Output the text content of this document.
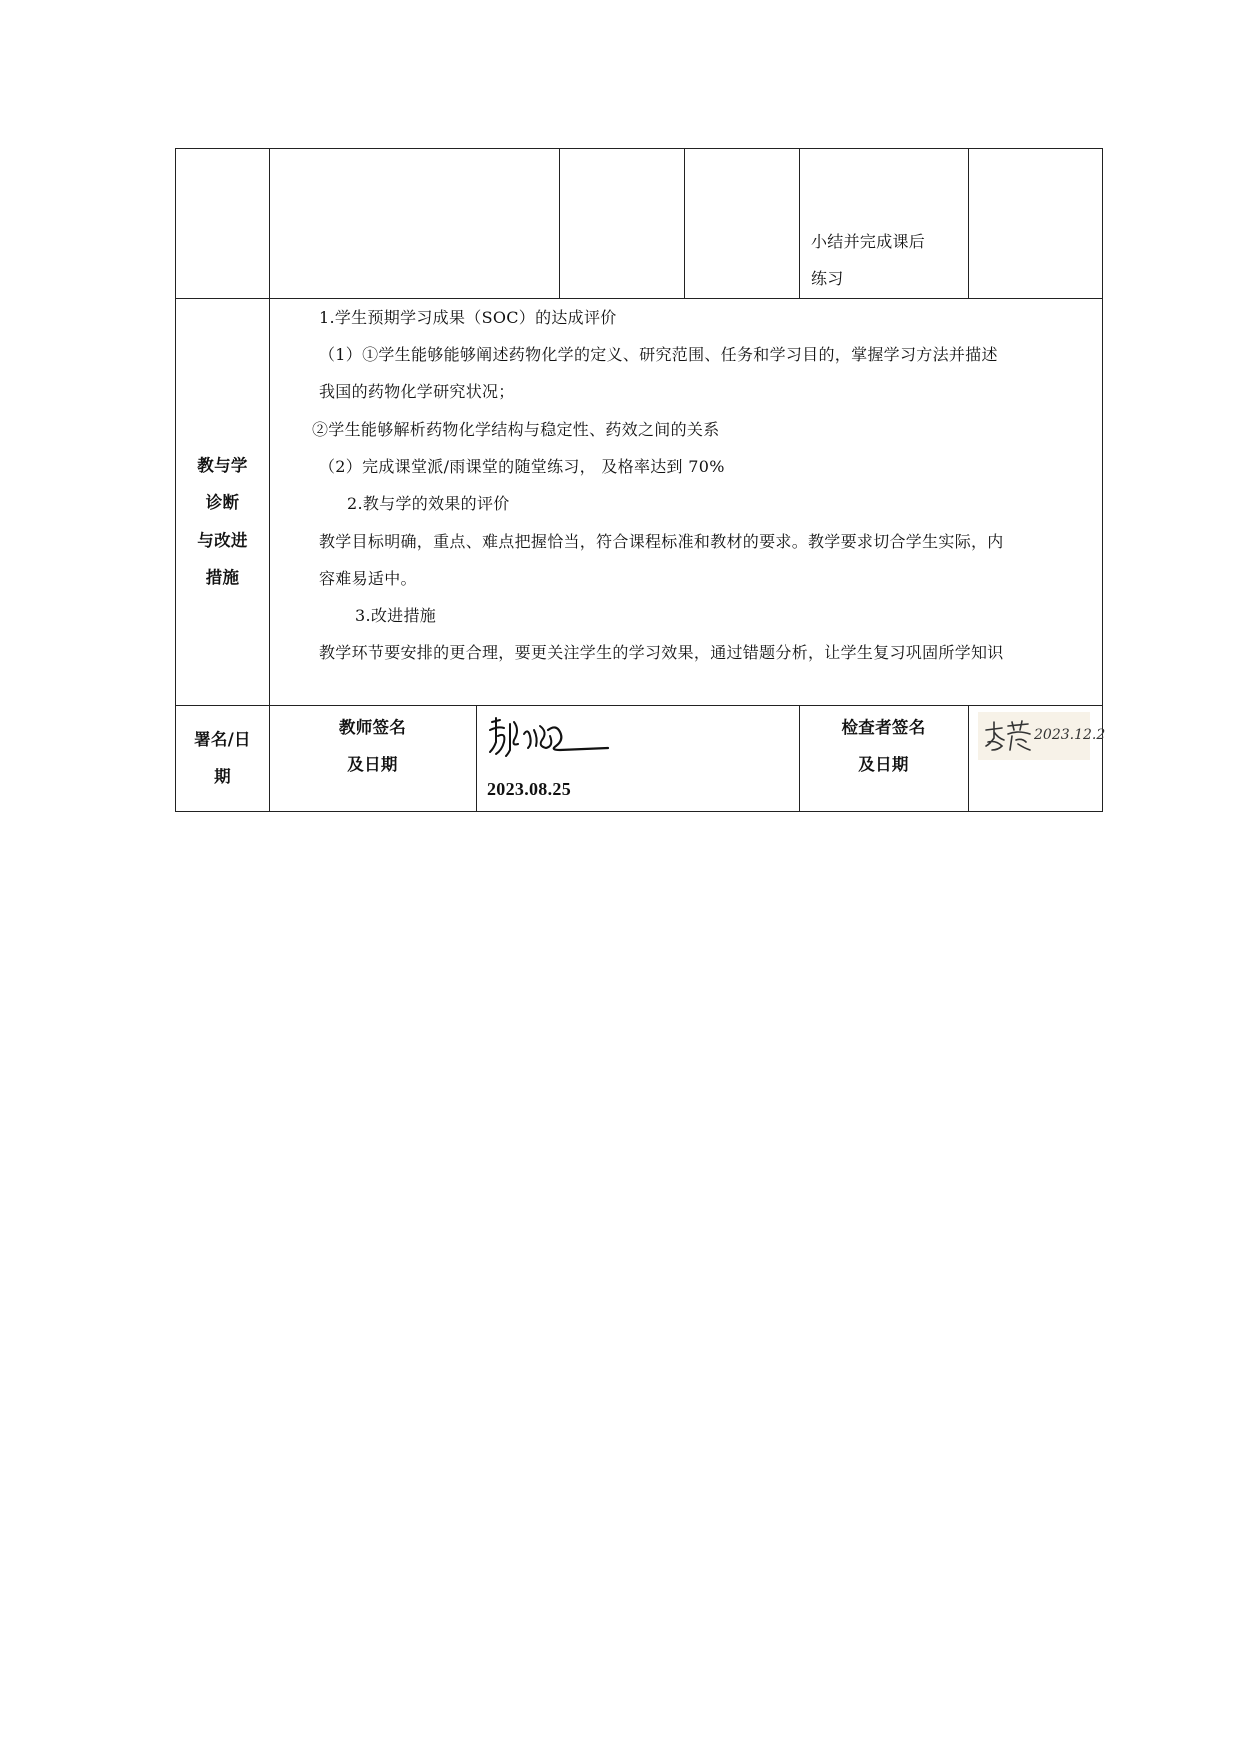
小结并完成课后
练习
教与学
诊断
与改进
措施
1.学生预期学习成果（SOC）的达成评价
（1）①学生能够能够阐述药物化学的定义、研究范围、任务和学习目的，掌握学习方法并描述
我国的药物化学研究状况；
②学生能够解析药物化学结构与稳定性、药效之间的关系
（2）完成课堂派/雨课堂的随堂练习， 及格率达到 70%
2.教与学的效果的评价
教学目标明确，重点、难点把握恰当，符合课程标准和教材的要求。教学要求切合学生实际，内
容难易适中。
3.改进措施
教学环节要安排的更合理，要更关注学生的学习效果，通过错题分析，让学生复习巩固所学知识
署名/日
期
教师签名
及日期
2023.08.25
检查者签名
及日期
2023.12.2
